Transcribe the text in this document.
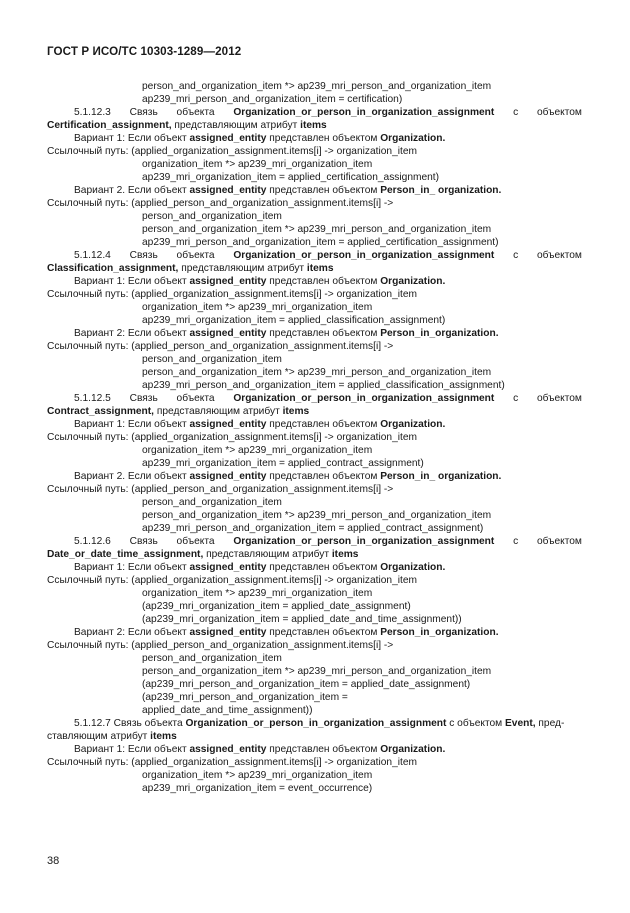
ГОСТ Р ИСО/ТС 10303-1289—2012
person_and_organization_item *> ap239_mri_person_and_organization_item
ap239_mri_person_and_organization_item = certification)
5.1.12.3 Связь объекта Organization_or_person_in_organization_assignment с объектом
Certification_assignment, представляющим атрибут items
Вариант 1: Если объект assigned_entity представлен объектом Organization.
Ссылочный путь: (applied_organization_assignment.items[i] -> organization_item
organization_item *> ap239_mri_organization_item
ap239_mri_organization_item = applied_certification_assignment)
Вариант 2. Если объект assigned_entity представлен объектом Person_in_ organization.
Ссылочный путь: (applied_person_and_organization_assignment.items[i] ->
person_and_organization_item
person_and_organization_item *> ap239_mri_person_and_organization_item
ap239_mri_person_and_organization_item = applied_certification_assignment)
5.1.12.4 Связь объекта Organization_or_person_in_organization_assignment с объектом
Classification_assignment, представляющим атрибут items
Вариант 1: Если объект assigned_entity представлен объектом Organization.
Ссылочный путь: (applied_organization_assignment.items[i] -> organization_item
organization_item *> ap239_mri_organization_item
ap239_mri_organization_item = applied_classification_assignment)
Вариант 2: Если объект assigned_entity представлен объектом Person_in_organization.
Ссылочный путь: (applied_person_and_organization_assignment.items[i] ->
person_and_organization_item
person_and_organization_item *> ap239_mri_person_and_organization_item
ap239_mri_person_and_organization_item = applied_classification_assignment)
5.1.12.5 Связь объекта Organization_or_person_in_organization_assignment с объектом
Contract_assignment, представляющим атрибут items
Вариант 1: Если объект assigned_entity представлен объектом Organization.
Ссылочный путь: (applied_organization_assignment.items[i] -> organization_item
organization_item *> ap239_mri_organization_item
ap239_mri_organization_item = applied_contract_assignment)
Вариант 2. Если объект assigned_entity представлен объектом Person_in_ organization.
Ссылочный путь: (applied_person_and_organization_assignment.items[i] ->
person_and_organization_item
person_and_organization_item *> ap239_mri_person_and_organization_item
ap239_mri_person_and_organization_item = applied_contract_assignment)
5.1.12.6 Связь объекта Organization_or_person_in_organization_assignment с объектом
Date_or_date_time_assignment, представляющим атрибут items
Вариант 1: Если объект assigned_entity представлен объектом Organization.
Ссылочный путь: (applied_organization_assignment.items[i] -> organization_item
organization_item *> ap239_mri_organization_item
(ap239_mri_organization_item = applied_date_assignment)
(ap239_mri_organization_item = applied_date_and_time_assignment))
Вариант 2: Если объект assigned_entity представлен объектом Person_in_organization.
Ссылочный путь: (applied_person_and_organization_assignment.items[i] ->
person_and_organization_item
person_and_organization_item *> ap239_mri_person_and_organization_item
(ap239_mri_person_and_organization_item = applied_date_assignment)
(ap239_mri_person_and_organization_item =
applied_date_and_time_assignment))
5.1.12.7 Связь объекта Organization_or_person_in_organization_assignment с объектом Event, пред-
ставляющим атрибут items
Вариант 1: Если объект assigned_entity представлен объектом Organization.
Ссылочный путь: (applied_organization_assignment.items[i] -> organization_item
organization_item *> ap239_mri_organization_item
ap239_mri_organization_item = event_occurrence)
38
